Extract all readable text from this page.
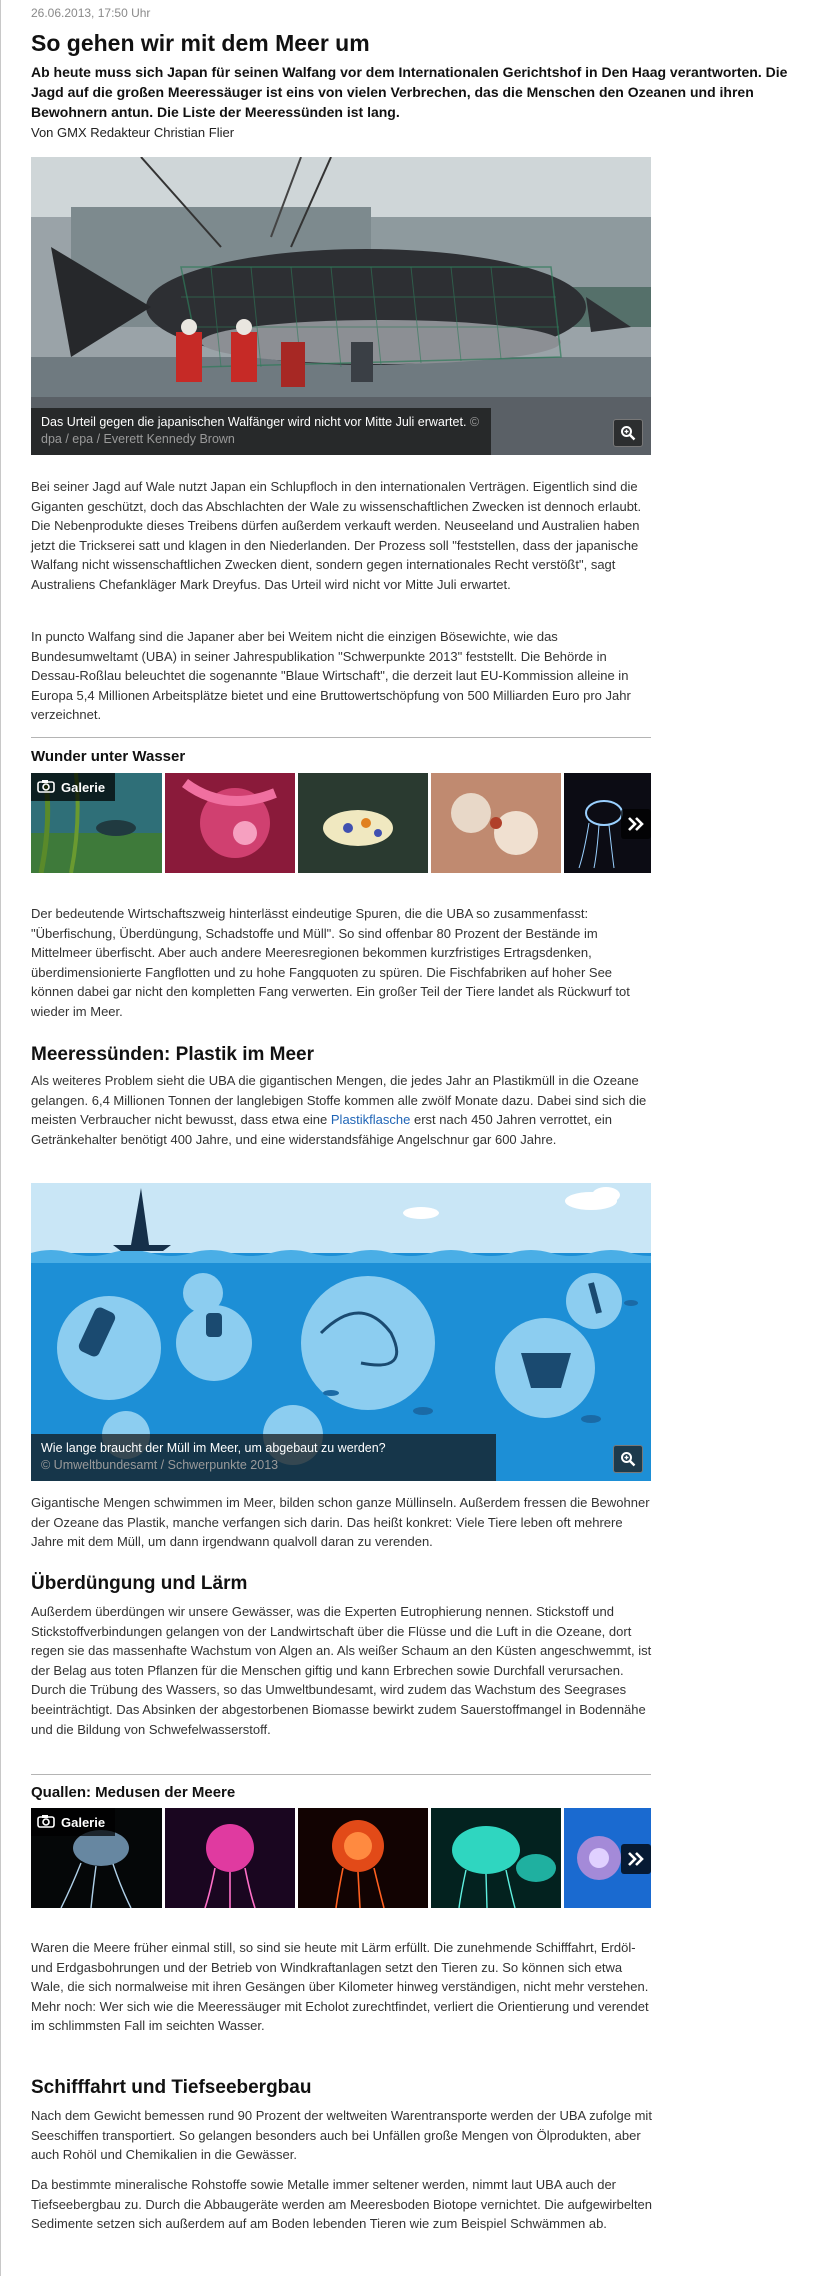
26.06.2013, 17:50 Uhr
So gehen wir mit dem Meer um
Ab heute muss sich Japan für seinen Walfang vor dem Internationalen Gerichtshof in Den Haag verantworten. Die Jagd auf die großen Meeressäuger ist eins von vielen Verbrechen, das die Menschen den Ozeanen und ihren Bewohnern antun. Die Liste der Meeressünden ist lang.
Von GMX Redakteur Christian Flier
Das Urteil gegen die japanischen Walfänger wird nicht vor Mitte Juli erwartet. © dpa / epa / Everett Kennedy Brown
Bei seiner Jagd auf Wale nutzt Japan ein Schlupfloch in den internationalen Verträgen. Eigentlich sind die Giganten geschützt, doch das Abschlachten der Wale zu wissenschaftlichen Zwecken ist dennoch erlaubt. Die Nebenprodukte dieses Treibens dürfen außerdem verkauft werden. Neuseeland und Australien haben jetzt die Trickserei satt und klagen in den Niederlanden. Der Prozess soll "feststellen, dass der japanische Walfang nicht wissenschaftlichen Zwecken dient, sondern gegen internationales Recht verstößt", sagt Australiens Chefankläger Mark Dreyfus. Das Urteil wird nicht vor Mitte Juli erwartet.
In puncto Walfang sind die Japaner aber bei Weitem nicht die einzigen Bösewichte, wie das Bundesumweltamt (UBA) in seiner Jahrespublikation "Schwerpunkte 2013" feststellt. Die Behörde in Dessau-Roßlau beleuchtet die sogenannte "Blaue Wirtschaft", die derzeit laut EU-Kommission alleine in Europa 5,4 Millionen Arbeitsplätze bietet und eine Bruttowertschöpfung von 500 Milliarden Euro pro Jahr verzeichnet.
Wunder unter Wasser
Galerie
Der bedeutende Wirtschaftszweig hinterlässt eindeutige Spuren, die die UBA so zusammenfasst: "Überfischung, Überdüngung, Schadstoffe und Müll". So sind offenbar 80 Prozent der Bestände im Mittelmeer überfischt. Aber auch andere Meeresregionen bekommen kurzfristiges Ertragsdenken, überdimensionierte Fangflotten und zu hohe Fangquoten zu spüren. Die Fischfabriken auf hoher See können dabei gar nicht den kompletten Fang verwerten. Ein großer Teil der Tiere landet als Rückwurf tot wieder im Meer.
Meeressünden: Plastik im Meer
Als weiteres Problem sieht die UBA die gigantischen Mengen, die jedes Jahr an Plastikmüll in die Ozeane gelangen. 6,4 Millionen Tonnen der langlebigen Stoffe kommen alle zwölf Monate dazu. Dabei sind sich die meisten Verbraucher nicht bewusst, dass etwa eine Plastikflasche erst nach 450 Jahren verrottet, ein Getränkehalter benötigt 400 Jahre, und eine widerstandsfähige Angelschnur gar 600 Jahre.
Wie lange braucht der Müll im Meer, um abgebaut zu werden?
© Umweltbundesamt / Schwerpunkte 2013
Gigantische Mengen schwimmen im Meer, bilden schon ganze Müllinseln. Außerdem fressen die Bewohner der Ozeane das Plastik, manche verfangen sich darin. Das heißt konkret: Viele Tiere leben oft mehrere Jahre mit dem Müll, um dann irgendwann qualvoll daran zu verenden.
Überdüngung und Lärm
Außerdem überdüngen wir unsere Gewässer, was die Experten Eutrophierung nennen. Stickstoff und Stickstoffverbindungen gelangen von der Landwirtschaft über die Flüsse und die Luft in die Ozeane, dort regen sie das massenhafte Wachstum von Algen an. Als weißer Schaum an den Küsten angeschwemmt, ist der Belag aus toten Pflanzen für die Menschen giftig und kann Erbrechen sowie Durchfall verursachen. Durch die Trübung des Wassers, so das Umweltbundesamt, wird zudem das Wachstum des Seegrases beeinträchtigt. Das Absinken der abgestorbenen Biomasse bewirkt zudem Sauerstoffmangel in Bodennähe und die Bildung von Schwefelwasserstoff.
Quallen: Medusen der Meere
Galerie
Waren die Meere früher einmal still, so sind sie heute mit Lärm erfüllt. Die zunehmende Schifffahrt, Erdöl- und Erdgasbohrungen und der Betrieb von Windkraftanlagen setzt den Tieren zu. So können sich etwa Wale, die sich normalweise mit ihren Gesängen über Kilometer hinweg verständigen, nicht mehr verstehen. Mehr noch: Wer sich wie die Meeressäuger mit Echolot zurechtfindet, verliert die Orientierung und verendet im schlimmsten Fall im seichten Wasser.
Schifffahrt und Tiefseebergbau
Nach dem Gewicht bemessen rund 90 Prozent der weltweiten Warentransporte werden der UBA zufolge mit Seeschiffen transportiert. So gelangen besonders auch bei Unfällen große Mengen von Ölprodukten, aber auch Rohöl und Chemikalien in die Gewässer.
Da bestimmte mineralische Rohstoffe sowie Metalle immer seltener werden, nimmt laut UBA auch der Tiefseebergbau zu. Durch die Abbaugeräte werden am Meeresboden Biotope vernichtet. Die aufgewirbelten Sedimente setzen sich außerdem auf am Boden lebenden Tieren wie zum Beispiel Schwämmen ab.
